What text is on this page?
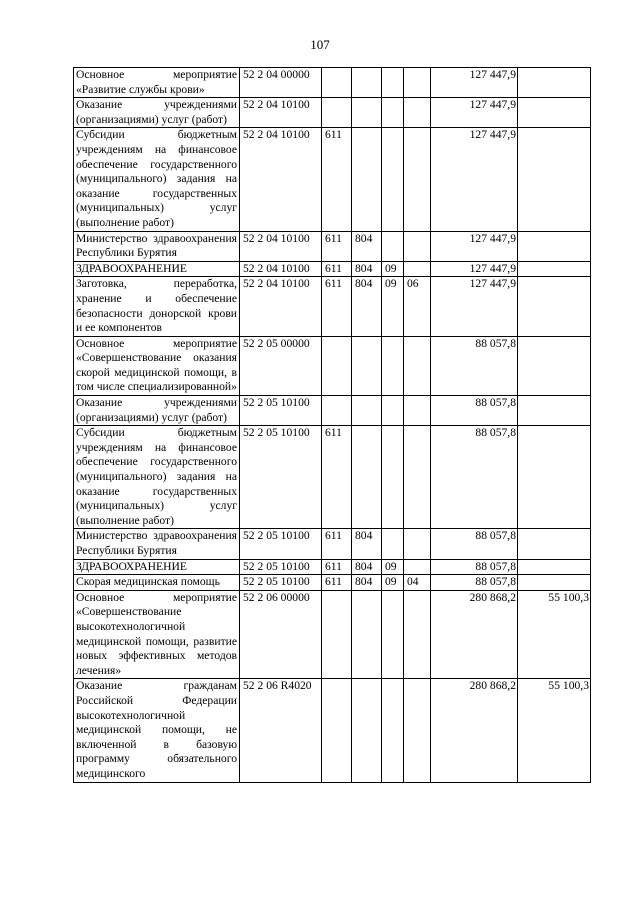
107
Основное мероприятие «Развитие службы крови»	52 2 04 00000					127 447,9	
Оказание учреждениями (организациями) услуг (работ)	52 2 04 10100					127 447,9	
Субсидии бюджетным учреждениям на финансовое обеспечение государственного (муниципального) задания на оказание государственных (муниципальных) услуг (выполнение работ)	52 2 04 10100	611				127 447,9	
Министерство здравоохранения Республики Бурятия	52 2 04 10100	611	804			127 447,9	
ЗДРАВООХРАНЕНИЕ	52 2 04 10100	611	804	09		127 447,9	
Заготовка, переработка, хранение и обеспечение безопасности донорской крови и ее компонентов	52 2 04 10100	611	804	09	06	127 447,9	
Основное мероприятие «Совершенствование оказания скорой медицинской помощи, в том числе специализированной»	52 2 05 00000					88 057,8	
Оказание учреждениями (организациями) услуг (работ)	52 2 05 10100					88 057,8	
Субсидии бюджетным учреждениям на финансовое обеспечение государственного (муниципального) задания на оказание государственных (муниципальных) услуг (выполнение работ)	52 2 05 10100	611				88 057,8	
Министерство здравоохранения Республики Бурятия	52 2 05 10100	611	804			88 057,8	
ЗДРАВООХРАНЕНИЕ	52 2 05 10100	611	804	09		88 057,8	
Скорая медицинская помощь	52 2 05 10100	611	804	09	04	88 057,8	
Основное мероприятие «Совершенствование высокотехнологичной медицинской помощи, развитие новых эффективных методов лечения»	52 2 06 00000					280 868,2	55 100,3
Оказание гражданам Российской Федерации высокотехнологичной медицинской помощи, не включенной в базовую программу обязательного медицинского	52 2 06 R4020					280 868,2	55 100,3
